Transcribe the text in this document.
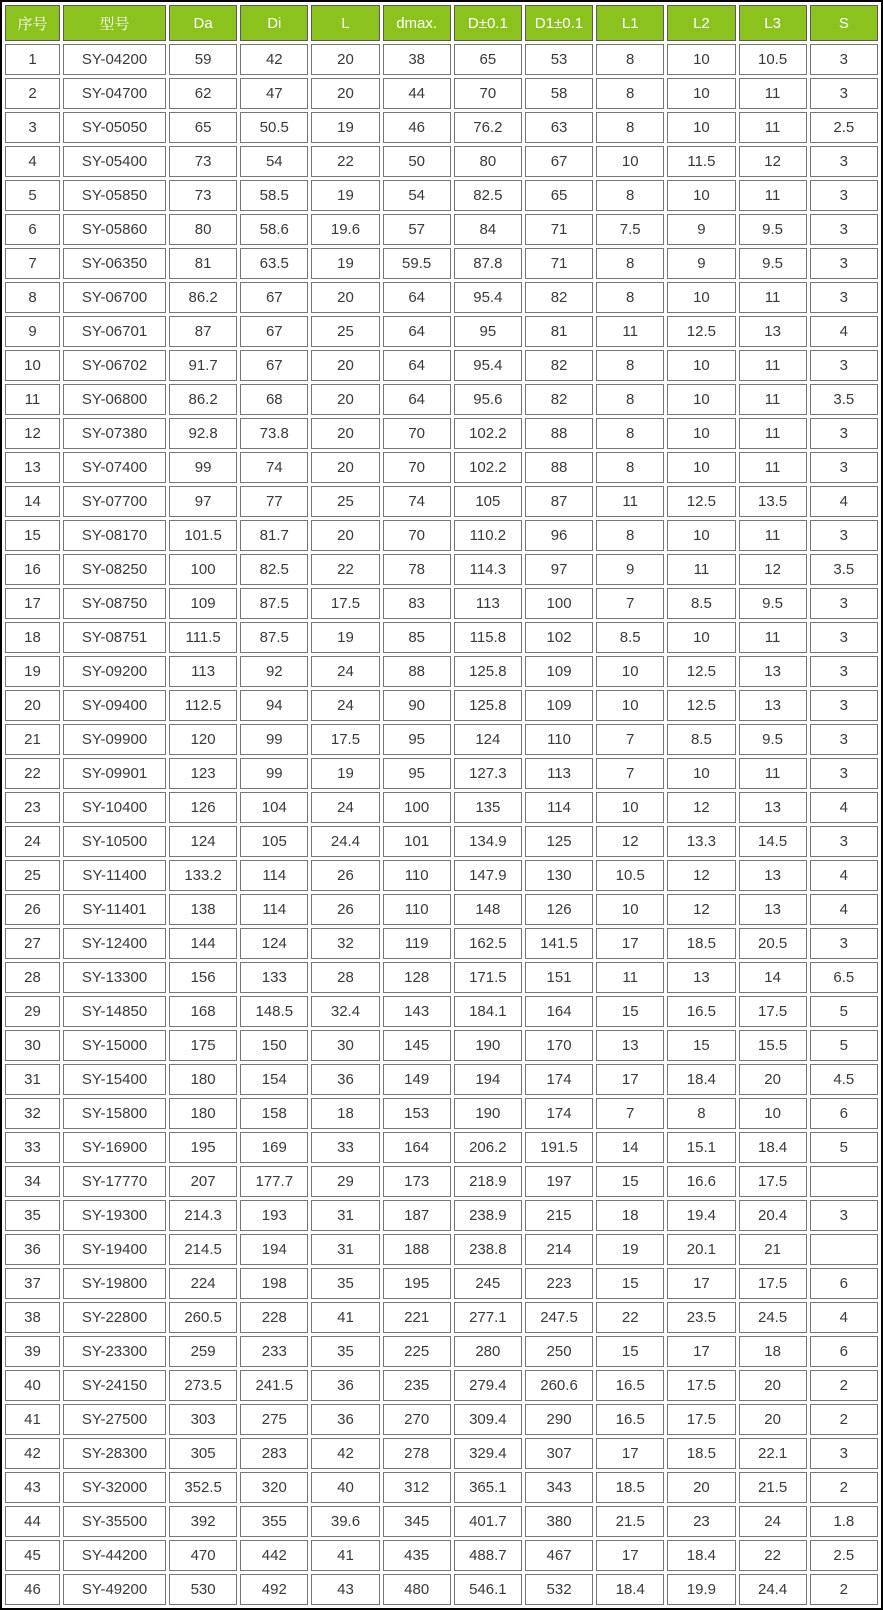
序号	型号	Da	Di	L	dmax.	D±0.1	D1±0.1	L1	L2	L3	S
1	SY-04200	59	42	20	38	65	53	8	10	10.5	3
2	SY-04700	62	47	20	44	70	58	8	10	11	3
3	SY-05050	65	50.5	19	46	76.2	63	8	10	11	2.5
4	SY-05400	73	54	22	50	80	67	10	11.5	12	3
5	SY-05850	73	58.5	19	54	82.5	65	8	10	11	3
6	SY-05860	80	58.6	19.6	57	84	71	7.5	9	9.5	3
7	SY-06350	81	63.5	19	59.5	87.8	71	8	9	9.5	3
8	SY-06700	86.2	67	20	64	95.4	82	8	10	11	3
9	SY-06701	87	67	25	64	95	81	11	12.5	13	4
10	SY-06702	91.7	67	20	64	95.4	82	8	10	11	3
11	SY-06800	86.2	68	20	64	95.6	82	8	10	11	3.5
12	SY-07380	92.8	73.8	20	70	102.2	88	8	10	11	3
13	SY-07400	99	74	20	70	102.2	88	8	10	11	3
14	SY-07700	97	77	25	74	105	87	11	12.5	13.5	4
15	SY-08170	101.5	81.7	20	70	110.2	96	8	10	11	3
16	SY-08250	100	82.5	22	78	114.3	97	9	11	12	3.5
17	SY-08750	109	87.5	17.5	83	113	100	7	8.5	9.5	3
18	SY-08751	111.5	87.5	19	85	115.8	102	8.5	10	11	3
19	SY-09200	113	92	24	88	125.8	109	10	12.5	13	3
20	SY-09400	112.5	94	24	90	125.8	109	10	12.5	13	3
21	SY-09900	120	99	17.5	95	124	110	7	8.5	9.5	3
22	SY-09901	123	99	19	95	127.3	113	7	10	11	3
23	SY-10400	126	104	24	100	135	114	10	12	13	4
24	SY-10500	124	105	24.4	101	134.9	125	12	13.3	14.5	3
25	SY-11400	133.2	114	26	110	147.9	130	10.5	12	13	4
26	SY-11401	138	114	26	110	148	126	10	12	13	4
27	SY-12400	144	124	32	119	162.5	141.5	17	18.5	20.5	3
28	SY-13300	156	133	28	128	171.5	151	11	13	14	6.5
29	SY-14850	168	148.5	32.4	143	184.1	164	15	16.5	17.5	5
30	SY-15000	175	150	30	145	190	170	13	15	15.5	5
31	SY-15400	180	154	36	149	194	174	17	18.4	20	4.5
32	SY-15800	180	158	18	153	190	174	7	8	10	6
33	SY-16900	195	169	33	164	206.2	191.5	14	15.1	18.4	5
34	SY-17770	207	177.7	29	173	218.9	197	15	16.6	17.5	
35	SY-19300	214.3	193	31	187	238.9	215	18	19.4	20.4	3
36	SY-19400	214.5	194	31	188	238.8	214	19	20.1	21	
37	SY-19800	224	198	35	195	245	223	15	17	17.5	6
38	SY-22800	260.5	228	41	221	277.1	247.5	22	23.5	24.5	4
39	SY-23300	259	233	35	225	280	250	15	17	18	6
40	SY-24150	273.5	241.5	36	235	279.4	260.6	16.5	17.5	20	2
41	SY-27500	303	275	36	270	309.4	290	16.5	17.5	20	2
42	SY-28300	305	283	42	278	329.4	307	17	18.5	22.1	3
43	SY-32000	352.5	320	40	312	365.1	343	18.5	20	21.5	2
44	SY-35500	392	355	39.6	345	401.7	380	21.5	23	24	1.8
45	SY-44200	470	442	41	435	488.7	467	17	18.4	22	2.5
46	SY-49200	530	492	43	480	546.1	532	18.4	19.9	24.4	2
